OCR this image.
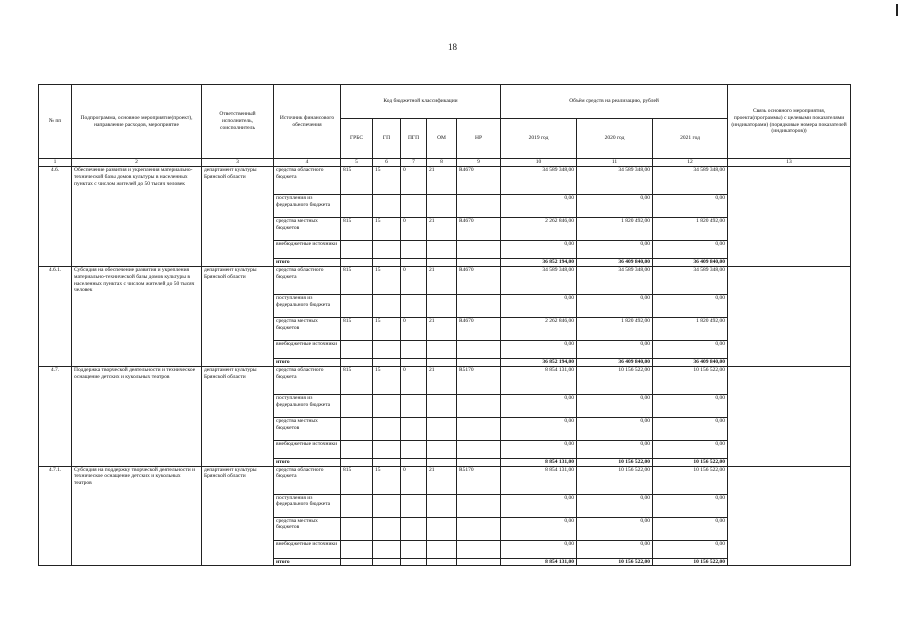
18
№ пп	Подпрограмма, основное мероприятие(проект), направление расходов, мероприятие	Ответственный исполнитель, соисполнитель	Источник финансового обеспечения	Код бюджетной классификации					Объём средств на реализацию, рублей			Связь основного мероприятия, проекта(программы) с целевыми показателями (индикаторами) (порядковые номера показателей (индикаторов))
				ГРБС	ГП	ПГП	ОМ	НР	2019 год	2020 год	2021 год	
1	2	3	4	5	6	7	8	9	10	11	12	13
4.6.	Обеспечение развития и укрепления материально-технической базы домов культуры в населенных пунктах с числом жителей до 50 тысяч человек	департамент культуры Брянской области	средства областного бюджета	815	15	0	21	R4670	34 589 348,00	34 589 348,00	34 589 348,00	
			поступления из федерального бюджета						0,00	0,00	0,00	
			средства местных бюджетов	815	15	0	21	R4670	2 262 846,00	1 820 492,00	1 820 492,00	
			внебюджетные источники						0,00	0,00	0,00	
			итого						36 852 194,00	36 409 840,00	36 409 840,00	
4.6.1.	Субсидия на обеспечение развития и укрепления материально-технической базы домов культуры в населенных пунктах с числом жителей до 50 тысяч человек	департамент культуры Брянской области	средства областного бюджета	815	15	0	21	R4670	34 589 348,00	34 589 348,00	34 589 348,00	
			поступления из федерального бюджета						0,00	0,00	0,00	
			средства местных бюджетов	815	15	0	21	R4670	2 262 846,00	1 820 492,00	1 820 492,00	
			внебюджетные источники						0,00	0,00	0,00	
			итого						36 852 194,00	36 409 840,00	36 409 840,00	
4.7.	Поддержка творческой деятельности и техническое оснащение детских и кукольных театров	департамент культуры Брянской области	средства областного бюджета	815	15	0	21	R5170	8 854 131,00	10 156 522,00	10 156 522,00	
			поступления из федерального бюджета						0,00	0,00	0,00	
			средства местных бюджетов						0,00	0,00	0,00	
			внебюджетные источники						0,00	0,00	0,00	
			итого						8 854 131,00	10 156 522,00	10 156 522,00	
4.7.1.	Субсидия на поддержку творческой деятельности и техническое оснащение детских и кукольных театров	департамент культуры Брянской области	средства областного бюджета	815	15	0	21	R5170	8 854 131,00	10 156 522,00	10 156 522,00	
			поступления из федерального бюджета						0,00	0,00	0,00	
			средства местных бюджетов						0,00	0,00	0,00	
			внебюджетные источники						0,00	0,00	0,00	
			итого						8 854 131,00	10 156 522,00	10 156 522,00	
